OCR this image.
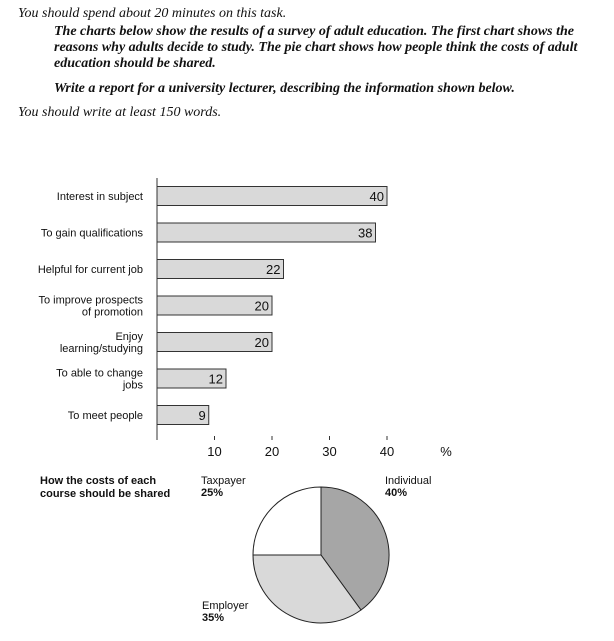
You should spend about 20 minutes on this task.
The charts below show the results of a survey of adult education. The first chart shows the reasons why adults decide to study. The pie chart shows how people think the costs of adult education should be shared.
Write a report for a university lecturer, describing the information shown below.
You should write at least 150 words.
40
Interest in subject
38
To gain qualifications
22
Helpful for current job
20
To improve prospects of promotion
20
Enjoy learning/studying
12
To able to change jobs
9
To meet people
10	20	30	40	%
How the costs of each
course should be shared
Taxpayer
25%
Individual
40%
Employer
35%
